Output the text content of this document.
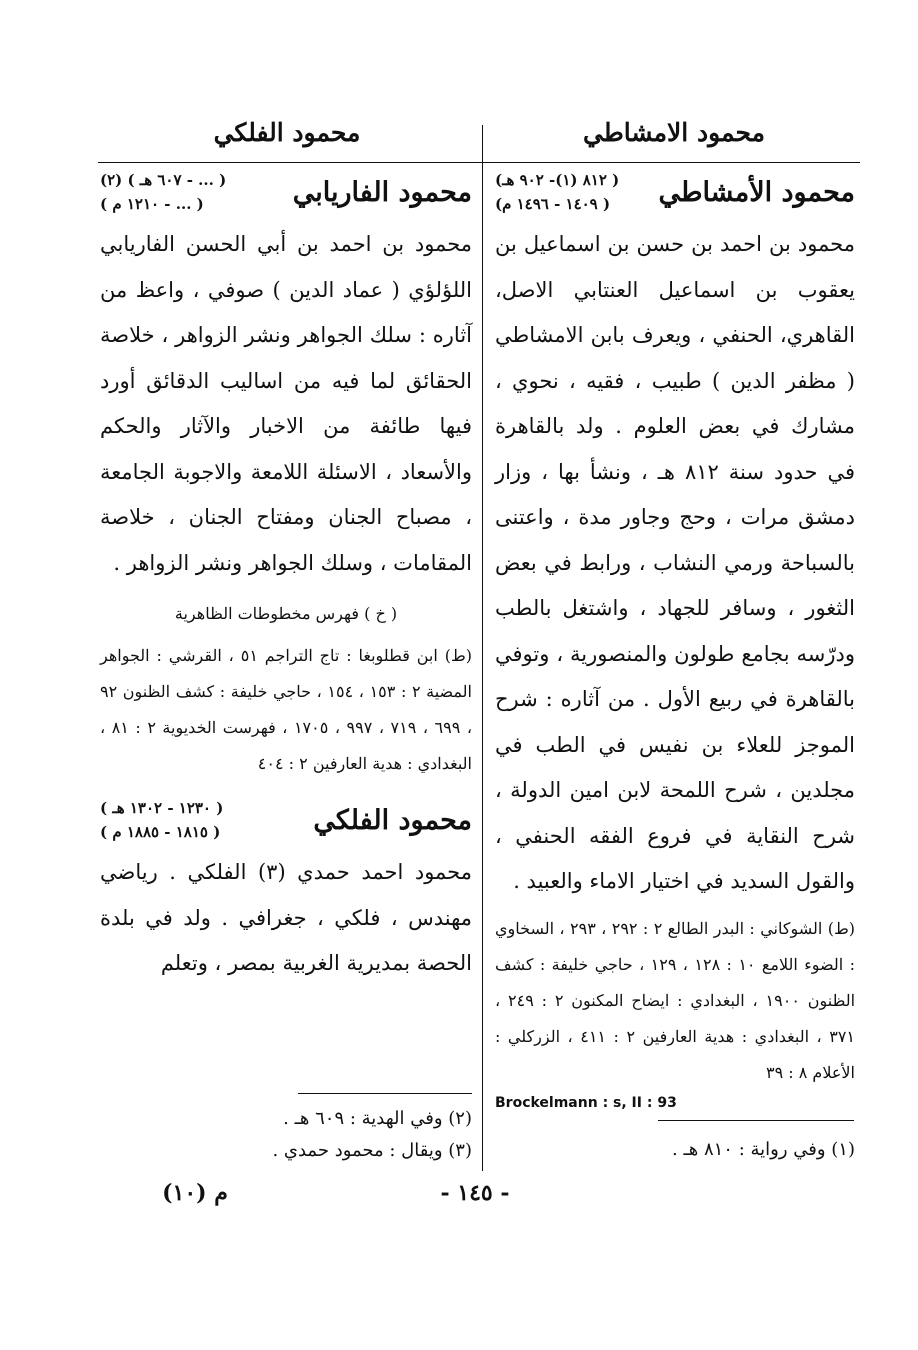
محمود الفلكي	محمود الامشاطي
محمود الأمشاطي
( ٨١٢ (١)- ٩٠٢ هـ)
( ١٤٠٩ - ١٤٩٦ م)

محمود بن احمد بن حسن بن اسماعيل بن يعقوب بن اسماعيل العنتابي الاصل، القاهري، الحنفي ، ويعرف بابن الامشاطي ( مظفر الدين ) طبيب ، فقيه ، نحوي ، مشارك في بعض العلوم . ولد بالقاهرة في حدود سنة ٨١٢ هـ ، ونشأ بها ، وزار دمشق مرات ، وحج وجاور مدة ، واعتنى بالسباحة ورمي النشاب ، ورابط في بعض الثغور ، وسافر للجهاد ، واشتغل بالطب ودرّسه بجامع طولون والمنصورية ، وتوفي بالقاهرة في ربيع الأول . من آثاره : شرح الموجز للعلاء بن نفيس في الطب في مجلدين ، شرح اللمحة لابن امين الدولة ، شرح النقاية في فروع الفقه الحنفي ، والقول السديد في اختيار الاماء والعبيد .

(ط) الشوكاني : البدر الطالع ٢ : ٢٩٢ ، ٢٩٣ ، السخاوي : الضوء اللامع ١٠ : ١٢٨ ، ١٢٩ ، حاجي خليفة : كشف الظنون ١٩٠٠ ، البغدادي : ايضاح المكنون ٢ : ٢٤٩ ، ٣٧١ ، البغدادي : هدية العارفين ٢ : ٤١١ ، الزركلي : الأعلام ٨ : ٣٩

Brockelmann : s, II : 93
محمود الفاريابي
( ... - ٦٠٧ هـ ) (٢)
( ... - ١٢١٠ م )

محمود بن احمد بن أبي الحسن الفاريابي اللؤلؤي ( عماد الدين ) صوفي ، واعظ من آثاره : سلك الجواهر ونشر الزواهر ، خلاصة الحقائق لما فيه من اساليب الدقائق أورد فيها طائفة من الاخبار والآثار والحكم والأسعاد ، الاسئلة اللامعة والاجوبة الجامعة ، مصباح الجنان ومفتاح الجنان ، خلاصة المقامات ، وسلك الجواهر ونشر الزواهر .

( خ ) فهرس مخطوطات الظاهرية

(ط) ابن قطلوبغا : تاج التراجم ٥١ ، القرشي : الجواهر المضية ٢ : ١٥٣ ، ١٥٤ ، حاجي خليفة : كشف الظنون ٩٢ ، ٦٩٩ ، ٧١٩ ، ٩٩٧ ، ١٧٠٥ ، فهرست الخديوية ٢ : ٨١ ، البغدادي : هدية العارفين ٢ : ٤٠٤

محمود الفلكي
( ١٢٣٠ - ١٣٠٢ هـ )
( ١٨١٥ - ١٨٨٥ م )

محمود احمد حمدي (٣) الفلكي . رياضي مهندس ، فلكي ، جغرافي . ولد في بلدة الحصة بمديرية الغربية بمصر ، وتعلم

(٢) وفي الهدية : ٦٠٩ هـ .
(٣) ويقال : محمود حمدي .	(١) وفي رواية : ٨١٠ هـ .
- ١٤٥ -
م (١٠)
